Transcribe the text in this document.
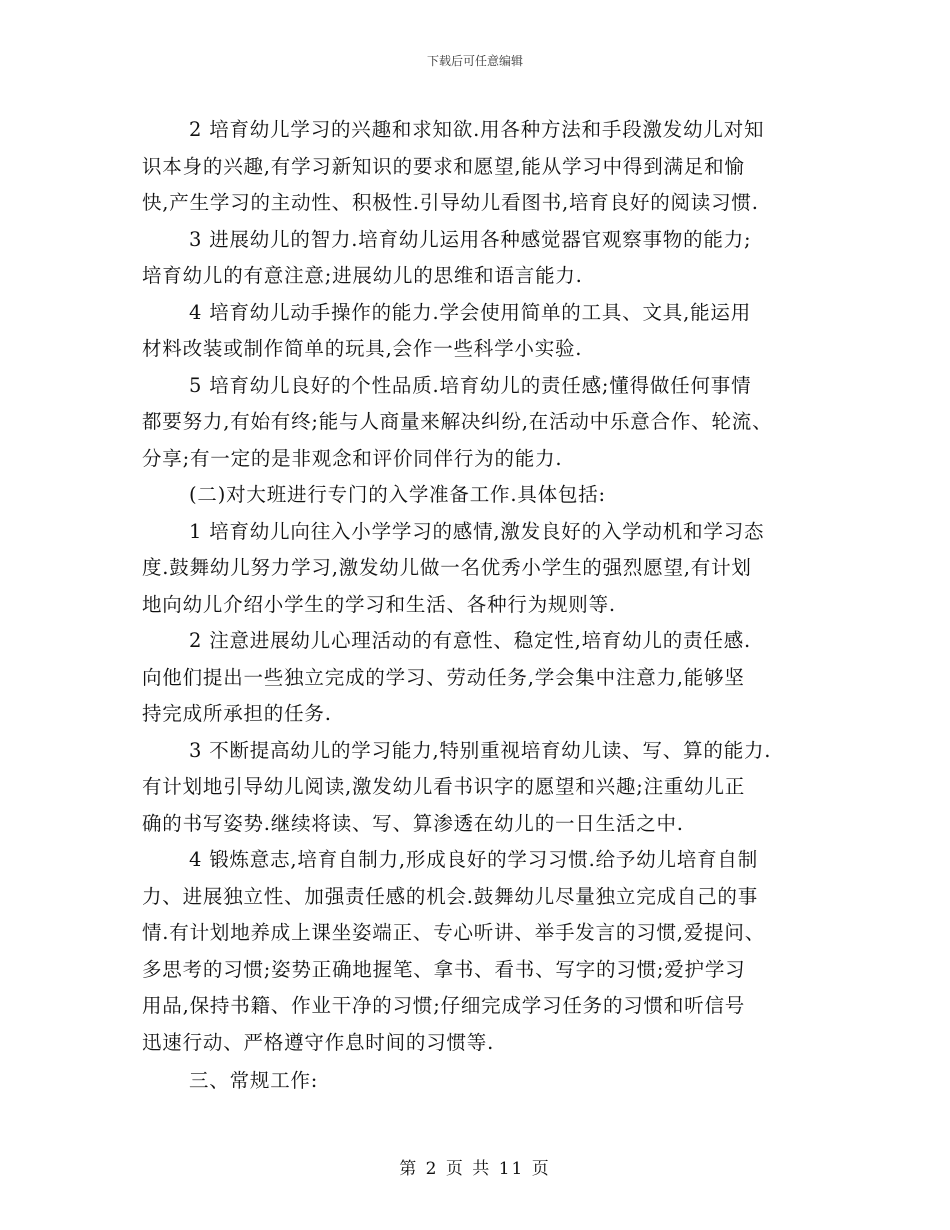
下载后可任意编辑

2 培育幼儿学习的兴趣和求知欲.用各种方法和手段激发幼儿对知
识本身的兴趣,有学习新知识的要求和愿望,能从学习中得到满足和愉
快,产生学习的主动性、积极性.引导幼儿看图书,培育良好的阅读习惯.

3 进展幼儿的智力.培育幼儿运用各种感觉器官观察事物的能力;
培育幼儿的有意注意;进展幼儿的思维和语言能力.

4 培育幼儿动手操作的能力.学会使用简单的工具、文具,能运用
材料改装或制作简单的玩具,会作一些科学小实验.

5 培育幼儿良好的个性品质.培育幼儿的责任感;懂得做任何事情
都要努力,有始有终;能与人商量来解决纠纷,在活动中乐意合作、轮流、
分享;有一定的是非观念和评价同伴行为的能力.

(二)对大班进行专门的入学准备工作.具体包括:

1 培育幼儿向往入小学学习的感情,激发良好的入学动机和学习态
度.鼓舞幼儿努力学习,激发幼儿做一名优秀小学生的强烈愿望,有计划
地向幼儿介绍小学生的学习和生活、各种行为规则等.

2 注意进展幼儿心理活动的有意性、稳定性,培育幼儿的责任感.
向他们提出一些独立完成的学习、劳动任务,学会集中注意力,能够坚
持完成所承担的任务.

3 不断提高幼儿的学习能力,特别重视培育幼儿读、写、算的能力.
有计划地引导幼儿阅读,激发幼儿看书识字的愿望和兴趣;注重幼儿正
确的书写姿势.继续将读、写、算渗透在幼儿的一日生活之中.

4 锻炼意志,培育自制力,形成良好的学习习惯.给予幼儿培育自制
力、进展独立性、加强责任感的机会.鼓舞幼儿尽量独立完成自己的事
情.有计划地养成上课坐姿端正、专心听讲、举手发言的习惯,爱提问、
多思考的习惯;姿势正确地握笔、拿书、看书、写字的习惯;爱护学习
用品,保持书籍、作业干净的习惯;仔细完成学习任务的习惯和听信号
迅速行动、严格遵守作息时间的习惯等.

三、常规工作:

第 2 页 共 11 页
